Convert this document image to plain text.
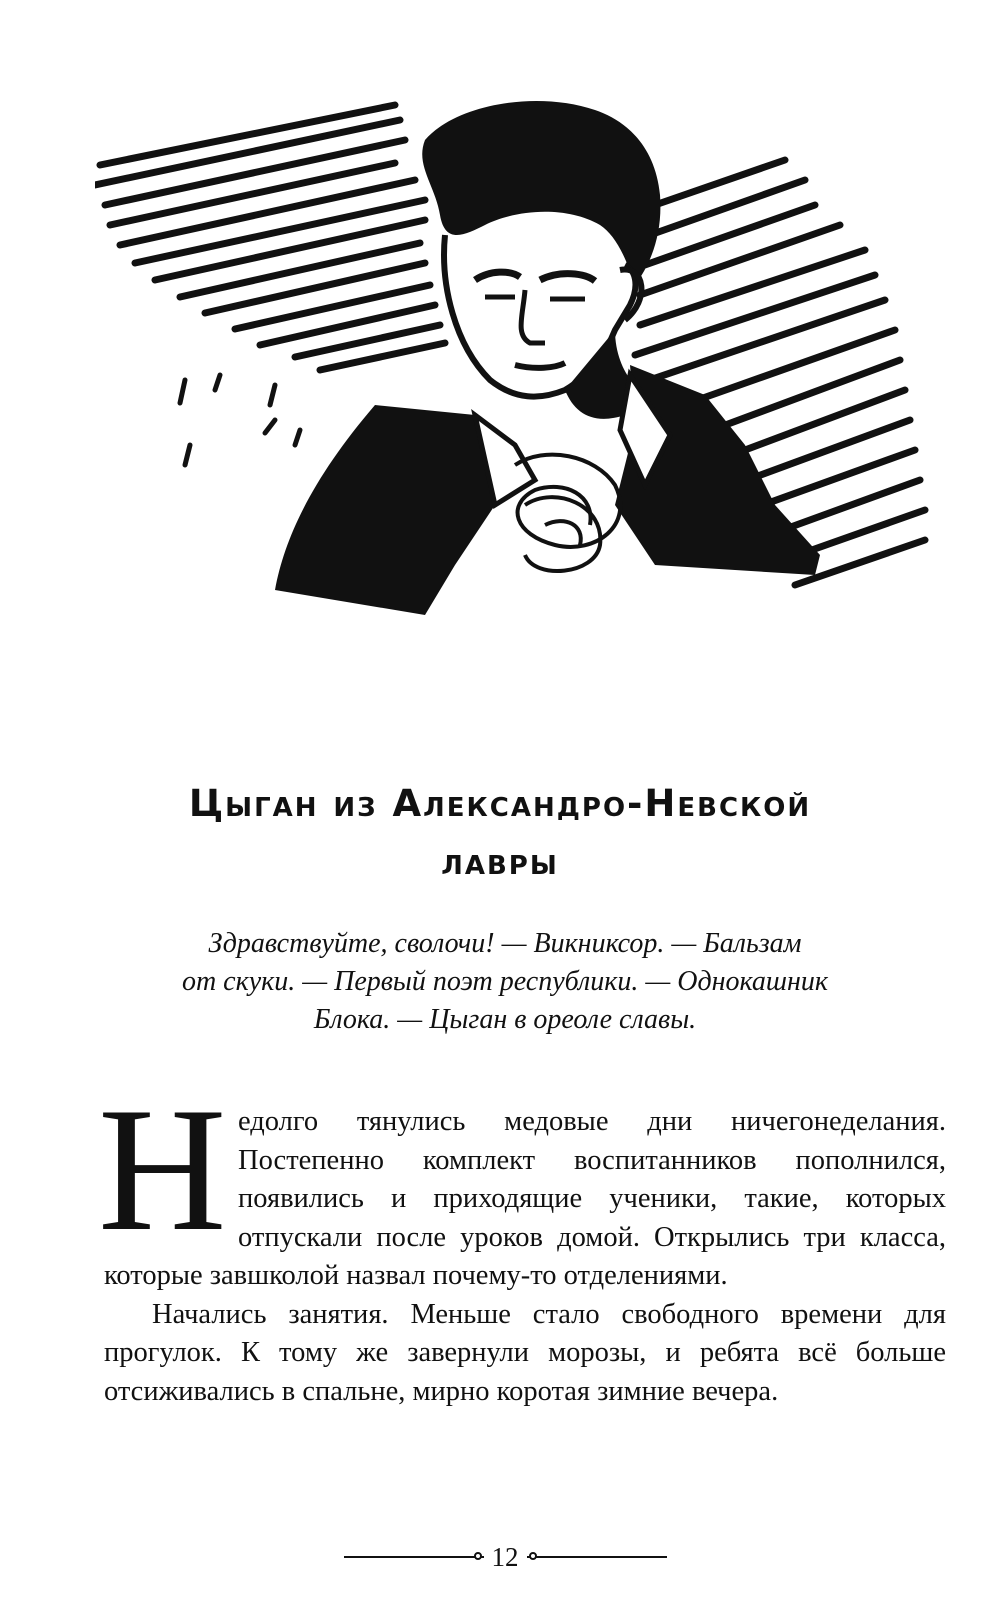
Цыган из Александро-Невской
лавры
Здравствуйте, сволочи! — Викниксор. — Бальзам
от скуки. — Первый поэт республики. — Однокашник
Блока. — Цыган в ореоле славы.

Недолго тянулись медовые дни ничегонеделания. Постепенно комплект воспитанников пополнился, появились и приходящие ученики, такие, которых отпускали после уроков домой. Открылись три класса, которые завшколой назвал почему-то отделениями.

Начались занятия. Меньше стало свободного времени для прогулок. К тому же завернули морозы, и ребята всё больше отсиживались в спальне, мирно коротая зимние вечера.

12
